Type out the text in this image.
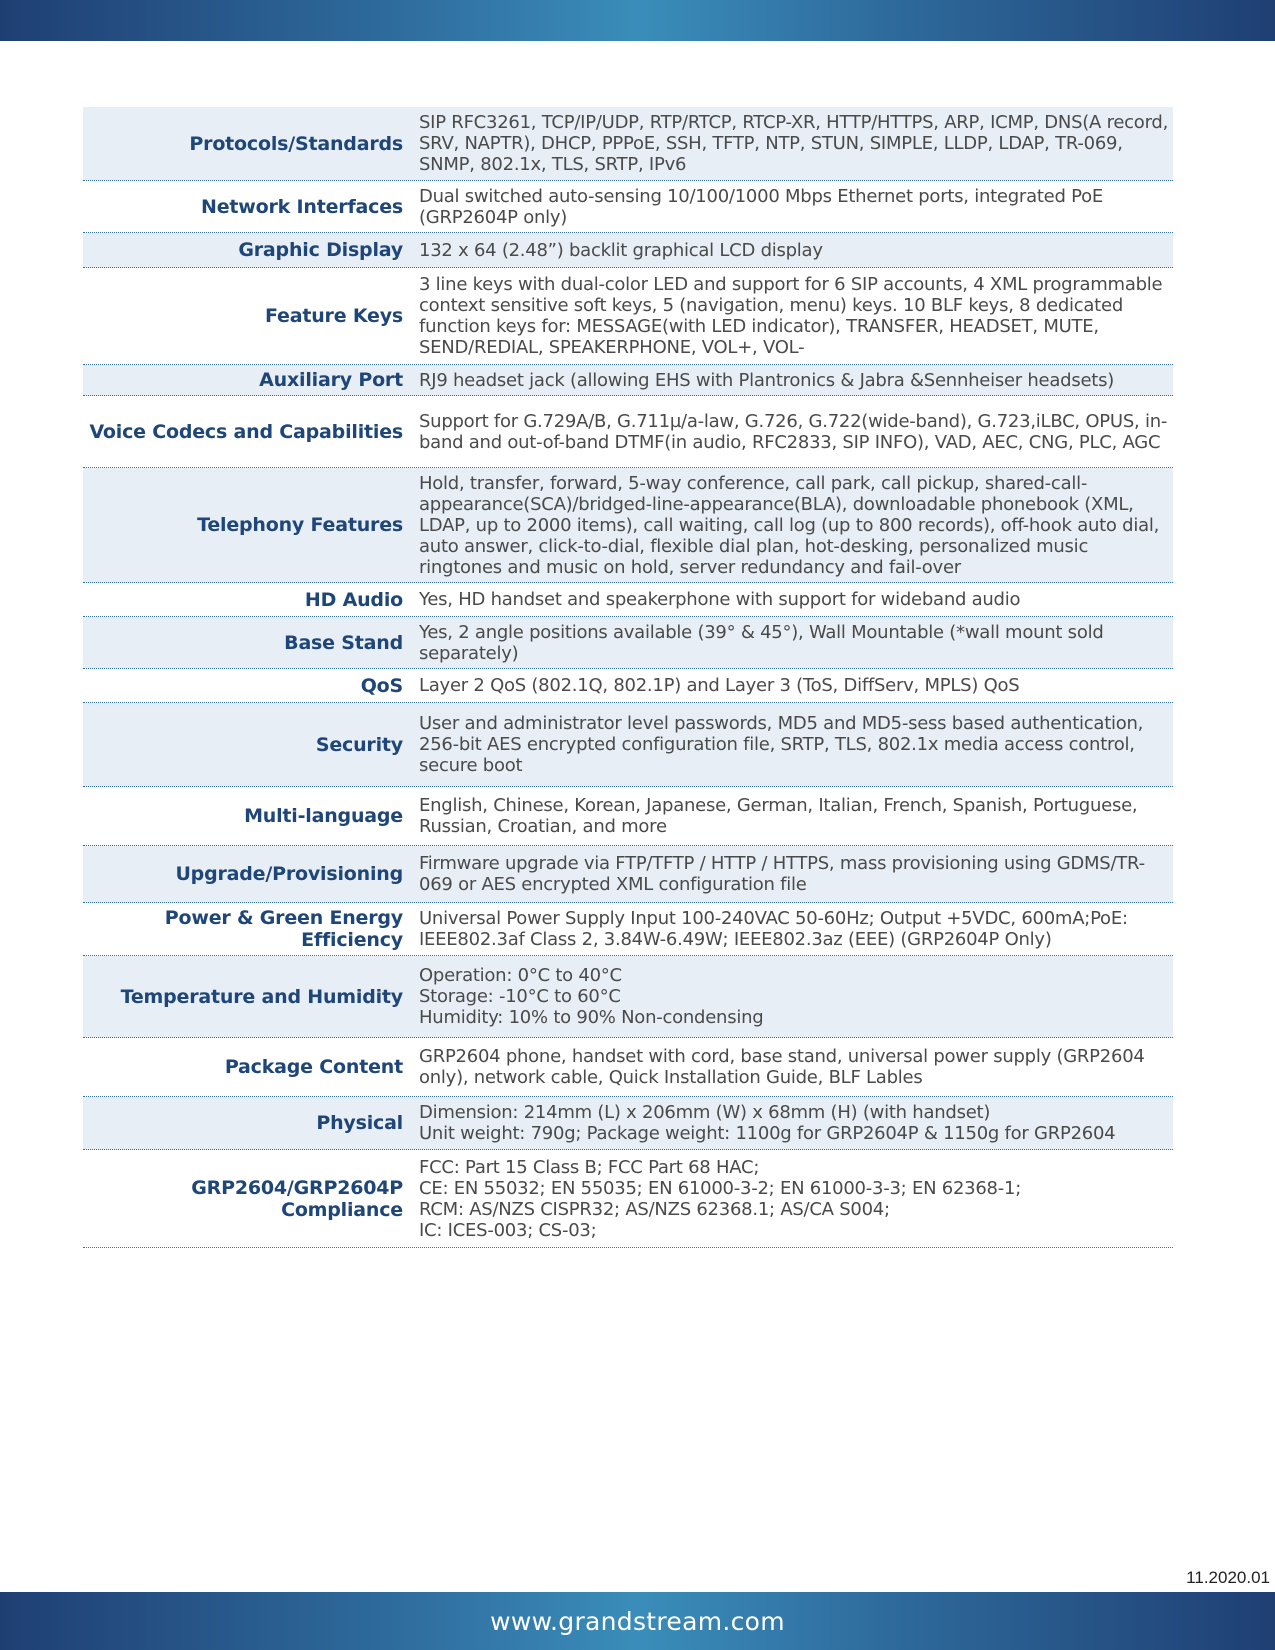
Protocols/Standards
SIP RFC3261, TCP/IP/UDP, RTP/RTCP, RTCP-XR, HTTP/HTTPS, ARP, ICMP, DNS(A record, SRV, NAPTR), DHCP, PPPoE, SSH, TFTP, NTP, STUN, SIMPLE, LLDP, LDAP, TR-069, SNMP, 802.1x, TLS, SRTP, IPv6
Network Interfaces Dual switched auto-sensing 10/100/1000 Mbps Ethernet ports, integrated PoE (GRP2604P only)
Graphic Display 132 x 64 (2.48”) backlit graphical LCD display
Feature Keys
3 line keys with dual-color LED and support for 6 SIP accounts, 4 XML programmable context sensitive soft keys, 5 (navigation, menu) keys. 10 BLF keys, 8 dedicated function keys for: MESSAGE(with LED indicator), TRANSFER, HEADSET, MUTE, SEND/REDIAL, SPEAKERPHONE, VOL+, VOL-
Auxiliary Port RJ9 headset jack (allowing EHS with Plantronics & Jabra &Sennheiser headsets)
Voice Codecs and Capabilities Support for G.729A/B, G.711µ/a-law, G.726, G.722(wide-band), G.723,iLBC, OPUS, in- band and out-of-band DTMF(in audio, RFC2833, SIP INFO), VAD, AEC, CNG, PLC, AGC
Telephony Features
Hold, transfer, forward, 5-way conference, call park, call pickup, shared-call-appearance(SCA)/bridged-line-appearance(BLA), downloadable phonebook (XML, LDAP, up to 2000 items), call waiting, call log (up to 800 records), off-hook auto dial, auto answer, click-to-dial, flexible dial plan, hot-desking, personalized music ringtones and music on hold, server redundancy and fail-over
HD Audio Yes, HD handset and speakerphone with support for wideband audio
Base Stand Yes, 2 angle positions available (39° & 45°), Wall Mountable (*wall mount sold separately)
QoS Layer 2 QoS (802.1Q, 802.1P) and Layer 3 (ToS, DiffServ, MPLS) QoS
Security
User and administrator level passwords, MD5 and MD5-sess based authentication, 256-bit AES encrypted configuration file, SRTP, TLS, 802.1x media access control, secure boot
Multi-language English, Chinese, Korean, Japanese, German, Italian, French, Spanish, Portuguese, Russian, Croatian, and more
Upgrade/Provisioning Firmware upgrade via FTP/TFTP / HTTP / HTTPS, mass provisioning using GDMS/TR-069 or AES encrypted XML configuration file
Power & Green Energy Efficiency
Universal Power Supply Input 100-240VAC 50-60Hz; Output +5VDC, 600mA;PoE: IEEE802.3af Class 2, 3.84W-6.49W; IEEE802.3az (EEE) (GRP2604P Only)
Temperature and Humidity
Operation: 0°C to 40°C
Storage: -10°C to 60°C
Humidity: 10% to 90% Non-condensing
Package Content GRP2604 phone, handset with cord, base stand, universal power supply (GRP2604 only), network cable, Quick Installation Guide, BLF Lables
Physical Dimension: 214mm (L) x 206mm (W) x 68mm (H) (with handset)
Unit weight: 790g; Package weight: 1100g for GRP2604P & 1150g for GRP2604
GRP2604/GRP2604P Compliance
FCC: Part 15 Class B; FCC Part 68 HAC;
CE: EN 55032; EN 55035; EN 61000-3-2; EN 61000-3-3; EN 62368-1;
RCM: AS/NZS CISPR32; AS/NZS 62368.1; AS/CA S004;
IC: ICES-003; CS-03;
11.2020.01
www.grandstream.com
